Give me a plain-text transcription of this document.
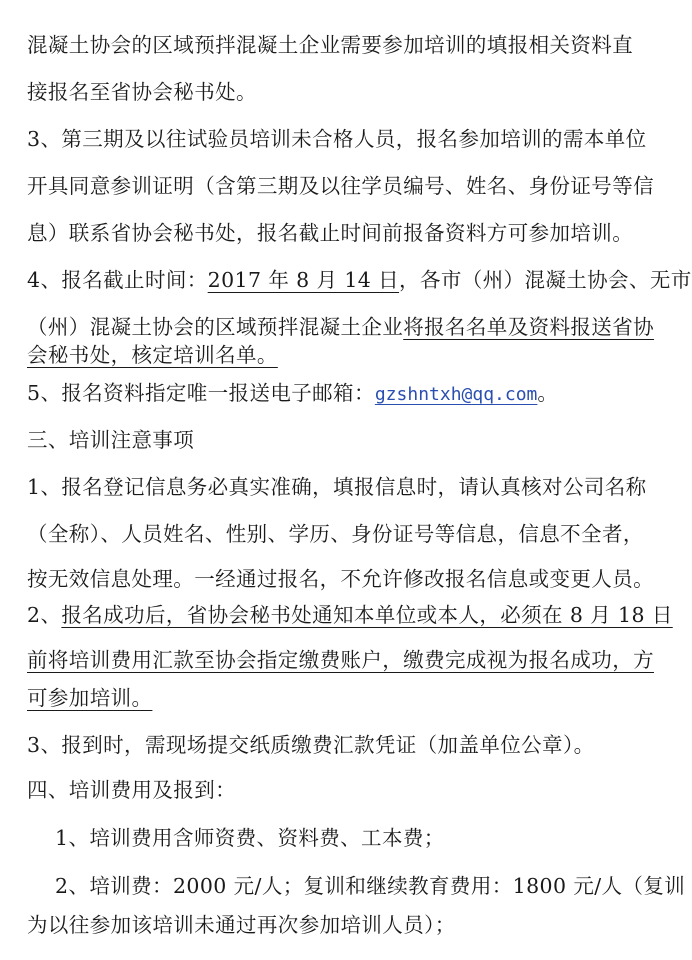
混凝土协会的区域预拌混凝土企业需要参加培训的填报相关资料直
接报名至省协会秘书处。
3、第三期及以往试验员培训未合格人员，报名参加培训的需本单位
开具同意参训证明（含第三期及以往学员编号、姓名、身份证号等信
息）联系省协会秘书处，报名截止时间前报备资料方可参加培训。
4、报名截止时间：2017 年 8 月 14 日，各市（州）混凝土协会、无市
（州）混凝土协会的区域预拌混凝土企业将报名名单及资料报送省协
会秘书处，核定培训名单。
5、报名资料指定唯一报送电子邮箱：gzshntxh@qq.com。
三、培训注意事项
1、报名登记信息务必真实准确，填报信息时，请认真核对公司名称
（全称）、人员姓名、性别、学历、身份证号等信息，信息不全者，
按无效信息处理。一经通过报名，不允许修改报名信息或变更人员。
2、报名成功后，省协会秘书处通知本单位或本人，必须在 8 月 18 日
前将培训费用汇款至协会指定缴费账户，缴费完成视为报名成功，方
可参加培训。
3、报到时，需现场提交纸质缴费汇款凭证（加盖单位公章）。
四、培训费用及报到：
1、培训费用含师资费、资料费、工本费；
2、培训费：2000 元/人；复训和继续教育费用：1800 元/人（复训
为以往参加该培训未通过再次参加培训人员）；
